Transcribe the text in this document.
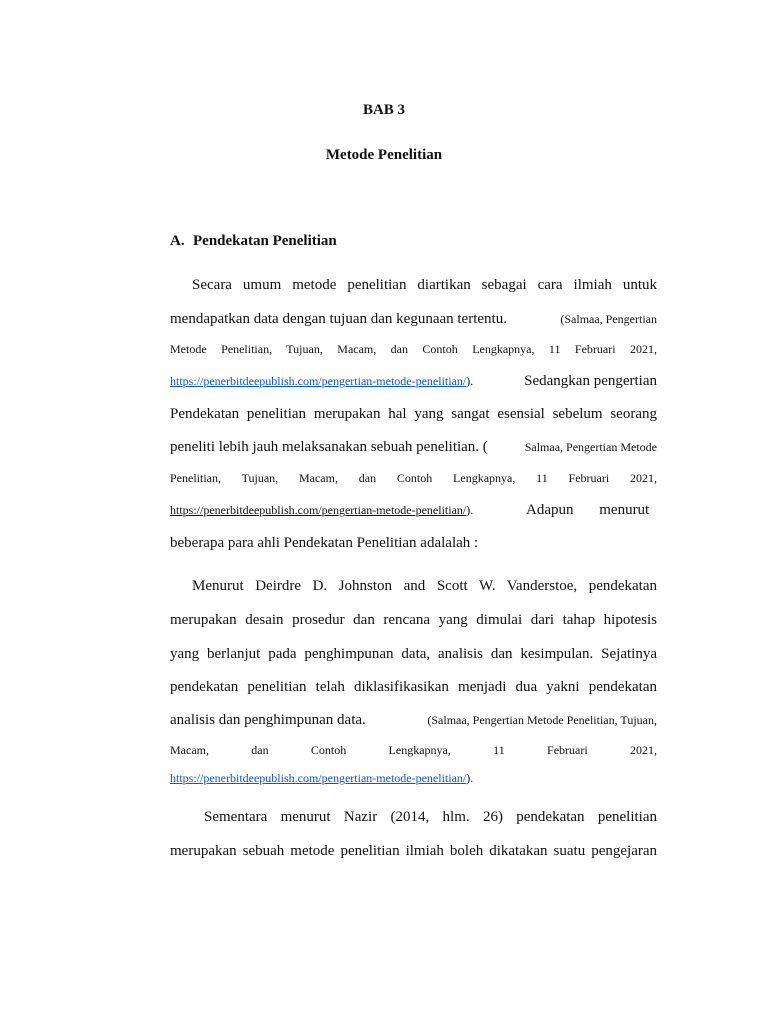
BAB 3
Metode Penelitian
A. Pendekatan Penelitian
Secara umum metode penelitian diartikan sebagai cara ilmiah untuk
mendapatkan data dengan tujuan dan kegunaan tertentu.	(Salmaa, Pengertian
Metode Penelitian, Tujuan, Macam, dan Contoh Lengkapnya, 11 Februari 2021,
https://penerbitdeepublish.com/pengertian-metode-penelitian/).	Sedangkan pengertian
Pendekatan penelitian merupakan hal yang sangat esensial sebelum seorang
peneliti lebih jauh melaksanakan sebuah penelitian. (	Salmaa, Pengertian Metode
Penelitian, Tujuan, Macam, dan Contoh Lengkapnya, 11 Februari 2021,
https://penerbitdeepublish.com/pengertian-metode-penelitian/).	Adapun menurut
beberapa para ahli Pendekatan Penelitian adalalah :
Menurut Deirdre D. Johnston and Scott W. Vanderstoe, pendekatan
merupakan desain prosedur dan rencana yang dimulai dari tahap hipotesis
yang berlanjut pada penghimpunan data, analisis dan kesimpulan. Sejatinya
pendekatan penelitian telah diklasifikasikan menjadi dua yakni pendekatan
analisis dan penghimpunan data.	(Salmaa, Pengertian Metode Penelitian, Tujuan,
Macam, dan Contoh Lengkapnya, 11 Februari 2021,
https://penerbitdeepublish.com/pengertian-metode-penelitian/).
Sementara menurut Nazir (2014, hlm. 26) pendekatan penelitian
merupakan sebuah metode penelitian ilmiah boleh dikatakan suatu pengejaran
